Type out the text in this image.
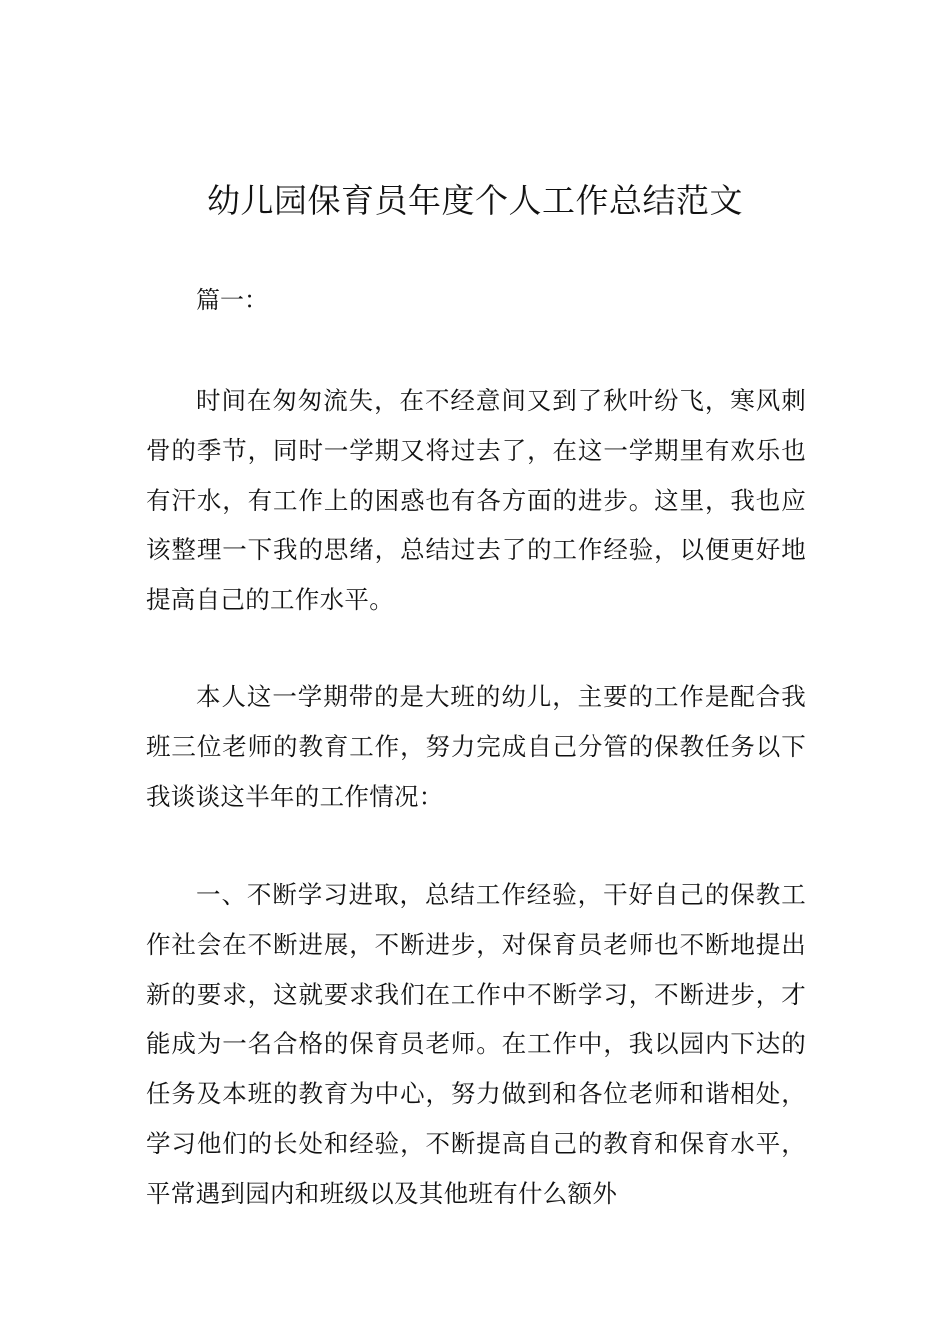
幼儿园保育员年度个人工作总结范文

篇一：

时间在匆匆流失，在不经意间又到了秋叶纷飞，寒风刺骨的季节，同时一学期又将过去了，在这一学期里有欢乐也有汗水，有工作上的困惑也有各方面的进步。这里，我也应该整理一下我的思绪，总结过去了的工作经验，以便更好地提高自己的工作水平。

本人这一学期带的是大班的幼儿，主要的工作是配合我班三位老师的教育工作，努力完成自己分管的保教任务以下我谈谈这半年的工作情况：

一、不断学习进取，总结工作经验，干好自己的保教工作社会在不断进展，不断进步，对保育员老师也不断地提出新的要求，这就要求我们在工作中不断学习，不断进步，才能成为一名合格的保育员老师。在工作中，我以园内下达的任务及本班的教育为中心，努力做到和各位老师和谐相处，学习他们的长处和经验，不断提高自己的教育和保育水平，平常遇到园内和班级以及其他班有什么额外
